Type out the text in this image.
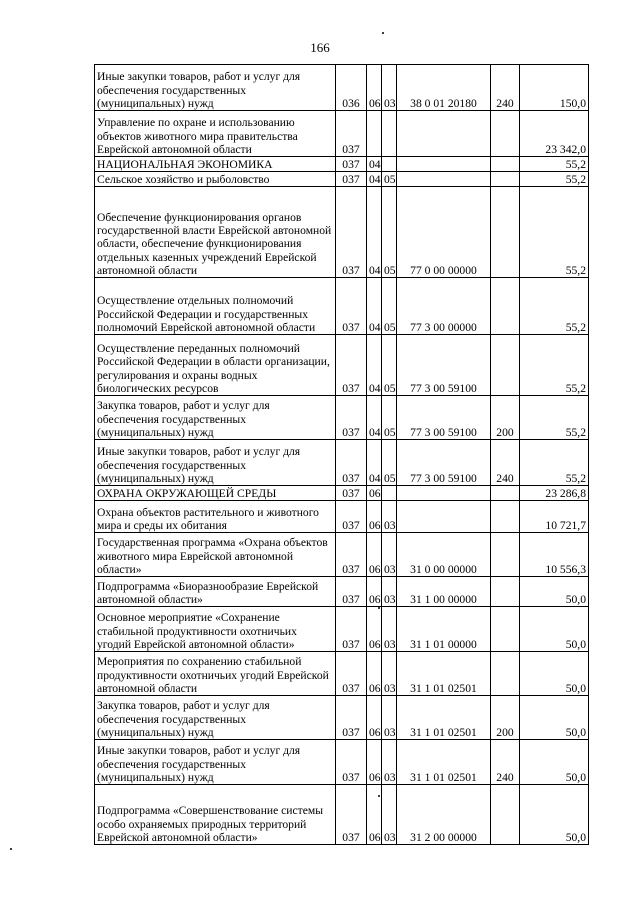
166
Иные закупки товаров, работ и услуг для обеспечения государственных (муниципальных) нужд	036	06	03	38 0 01 20180	240	150,0
Управление по охране и использованию объектов животного мира правительства Еврейской автономной области	037					23 342,0
НАЦИОНАЛЬНАЯ ЭКОНОМИКА	037	04				55,2
Сельское хозяйство и рыболовство	037	04	05			55,2
Обеспечение функционирования органов государственной власти Еврейской автономной области, обеспечение функционирования отдельных казенных учреждений Еврейской автономной области	037	04	05	77 0 00 00000		55,2
Осуществление отдельных полномочий Российской Федерации и государственных полномочий Еврейской автономной области	037	04	05	77 3 00 00000		55,2
Осуществление переданных полномочий Российской Федерации в области организации, регулирования и охраны водных биологических ресурсов	037	04	05	77 3 00 59100		55,2
Закупка товаров, работ и услуг для обеспечения государственных (муниципальных) нужд	037	04	05	77 3 00 59100	200	55,2
Иные закупки товаров, работ и услуг для обеспечения государственных (муниципальных) нужд	037	04	05	77 3 00 59100	240	55,2
ОХРАНА ОКРУЖАЮЩЕЙ СРЕДЫ	037	06				23 286,8
Охрана объектов растительного и животного мира и среды их обитания	037	06	03			10 721,7
Государственная программа «Охрана объектов животного мира Еврейской автономной области»	037	06	03	31 0 00 00000		10 556,3
Подпрограмма «Биоразнообразие Еврейской автономной области»	037	06	03	31 1 00 00000		50,0
Основное мероприятие «Сохранение стабильной продуктивности охотничьих угодий Еврейской автономной области»	037	06	03	31 1 01 00000		50,0
Мероприятия по сохранению стабильной продуктивности охотничьих угодий Еврейской автономной области	037	06	03	31 1 01 02501		50,0
Закупка товаров, работ и услуг для обеспечения государственных (муниципальных) нужд	037	06	03	31 1 01 02501	200	50,0
Иные закупки товаров, работ и услуг для обеспечения государственных (муниципальных) нужд	037	06	03	31 1 01 02501	240	50,0
Подпрограмма «Совершенствование системы особо охраняемых природных территорий Еврейской автономной области»	037	06	03	31 2 00 00000		50,0
